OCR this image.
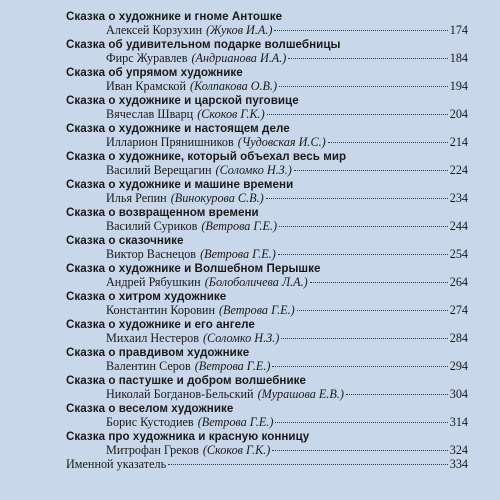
Сказка о художнике и гноме Антошке
Алексей Корзухин (Жуков И.А.)	174
Сказка об удивительном подарке волшебницы
Фирс Журавлев (Андрианова И.А.)	184
Сказка об упрямом художнике
Иван Крамской (Колпакова О.В.)	194
Сказка о художнике и царской пуговице
Вячеслав Шварц (Скоков Г.К.)	204
Сказка о художнике и настоящем деле
Илларион Прянишников (Чудовская И.С.)	214
Сказка о художнике, который объехал весь мир
Василий Верещагин (Соломко Н.З.)	224
Сказка о художнике и машине времени
Илья Репин (Винокурова С.В.)	234
Сказка о возвращенном времени
Василий Суриков (Ветрова Г.Е.)	244
Сказка о сказочнике
Виктор Васнецов (Ветрова Г.Е.)	254
Сказка о художнике и Волшебном Перышке
Андрей Рябушкин (Болоболичева Л.А.)	264
Сказка о хитром художнике
Константин Коровин (Ветрова Г.Е.)	274
Сказка о художнике и его ангеле
Михаил Нестеров (Соломко Н.З.)	284
Сказка о правдивом художнике
Валентин Серов (Ветрова Г.Е.)	294
Сказка о пастушке и добром волшебнике
Николай Богданов-Бельский (Мурашова Е.В.)	304
Сказка о веселом художнике
Борис Кустодиев (Ветрова Г.Е.)	314
Сказка про художника и красную конницу
Митрофан Греков (Скоков Г.К.)	324
Именной указатель	334
